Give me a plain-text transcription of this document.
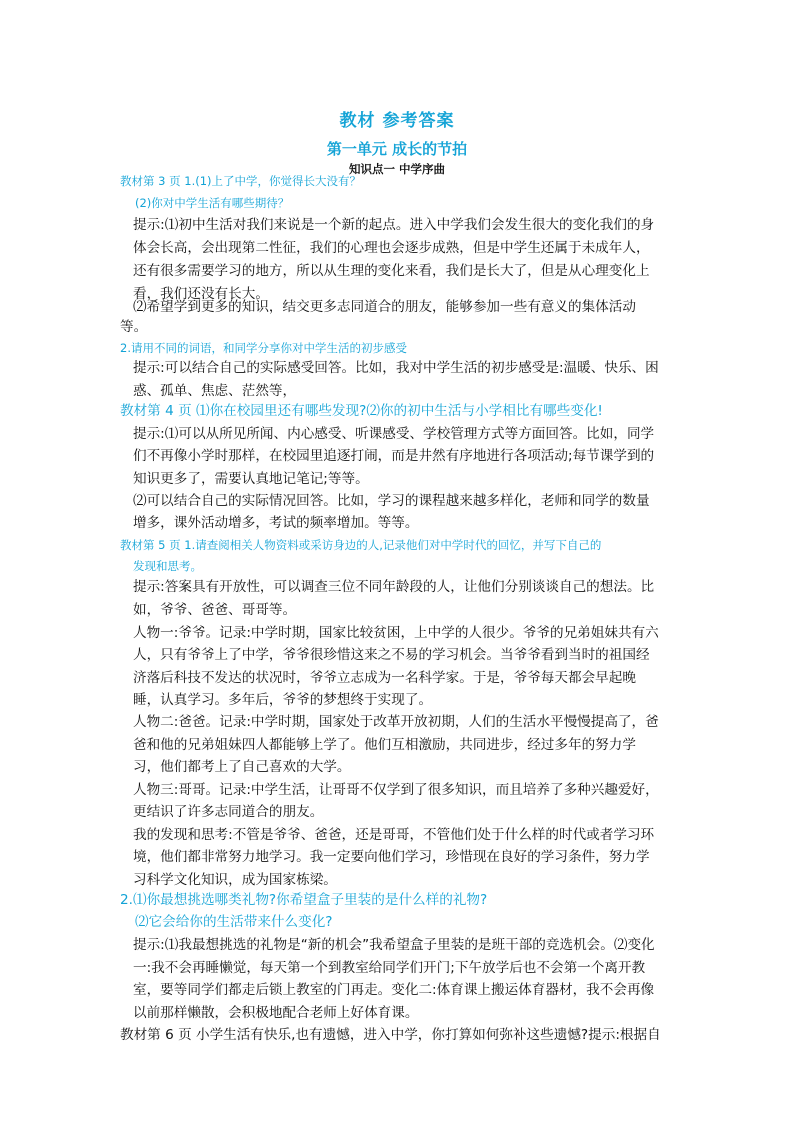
教材 参考答案
第一单元 成长的节拍
知识点一 中学序曲
教材第 3 页 1.(1)上了中学，你觉得长大没有？
(2)你对中学生活有哪些期待？
提示:⑴初中生活对我们来说是一个新的起点。进入中学我们会发生很大的变化我们的身
体会长高，会出现第二性征，我们的心理也会逐步成熟，但是中学生还属于未成年人，
还有很多需要学习的地方，所以从生理的变化来看，我们是长大了，但是从心理变化上
看，我们还没有长大。
⑵希望学到更多的知识，结交更多志同道合的朋友，能够参加一些有意义的集体活动
等。
2.请用不同的词语，和同学分享你对中学生活的初步感受
提示:可以结合自己的实际感受回答。比如，我对中学生活的初步感受是:温暖、快乐、困
惑、孤单、焦虑、茫然等，
教材第 4 页 ⑴你在校园里还有哪些发现?⑵你的初中生活与小学相比有哪些变化!
提示:⑴可以从所见所闻、内心感受、听课感受、学校管理方式等方面回答。比如，同学
们不再像小学时那样，在校园里追逐打闹，而是井然有序地进行各项活动;每节课学到的
知识更多了，需要认真地记笔记;等等。
⑵可以结合自己的实际情况回答。比如，学习的课程越来越多样化，老师和同学的数量
增多，课外活动增多，考试的频率增加。等等。
教材第 5 页 1.请查阅相关人物资料或采访身边的人,记录他们对中学时代的回忆，并写下自己的
发现和思考。
提示:答案具有开放性，可以调查三位不同年龄段的人，让他们分别谈谈自己的想法。比
如，爷爷、爸爸、哥哥等。
人物一:爷爷。记录:中学时期，国家比较贫困，上中学的人很少。爷爷的兄弟姐妹共有六
人，只有爷爷上了中学，爷爷很珍惜这来之不易的学习机会。当爷爷看到当时的祖国经
济落后科技不发达的状况时，爷爷立志成为一名科学家。于是，爷爷每天都会早起晚
睡，认真学习。多年后，爷爷的梦想终于实现了。
人物二:爸爸。记录:中学时期，国家处于改革开放初期，人们的生活水平慢慢提高了，爸
爸和他的兄弟姐妹四人都能够上学了。他们互相激励，共同进步，经过多年的努力学
习，他们都考上了自己喜欢的大学。
人物三:哥哥。记录:中学生活，让哥哥不仅学到了很多知识，而且培养了多种兴趣爱好，
更结识了许多志同道合的朋友。
我的发现和思考:不管是爷爷、爸爸，还是哥哥，不管他们处于什么样的时代或者学习环
境，他们都非常努力地学习。我一定要向他们学习，珍惜现在良好的学习条件，努力学
习科学文化知识，成为国家栋梁。
2.⑴你最想挑选哪类礼物?你希望盒子里装的是什么样的礼物?
⑵它会给你的生活带来什么变化?
提示:⑴我最想挑选的礼物是“新的机会”我希望盒子里装的是班干部的竞选机会。⑵变化
一:我不会再睡懒觉，每天第一个到教室给同学们开门;下午放学后也不会第一个离开教
室，要等同学们都走后锁上教室的门再走。变化二:体育课上搬运体育器材，我不会再像
以前那样懒散，会积极地配合老师上好体育课。
教材第 6 页 小学生活有快乐,也有遗憾，进入中学，你打算如何弥补这些遗憾?提示:根据自
